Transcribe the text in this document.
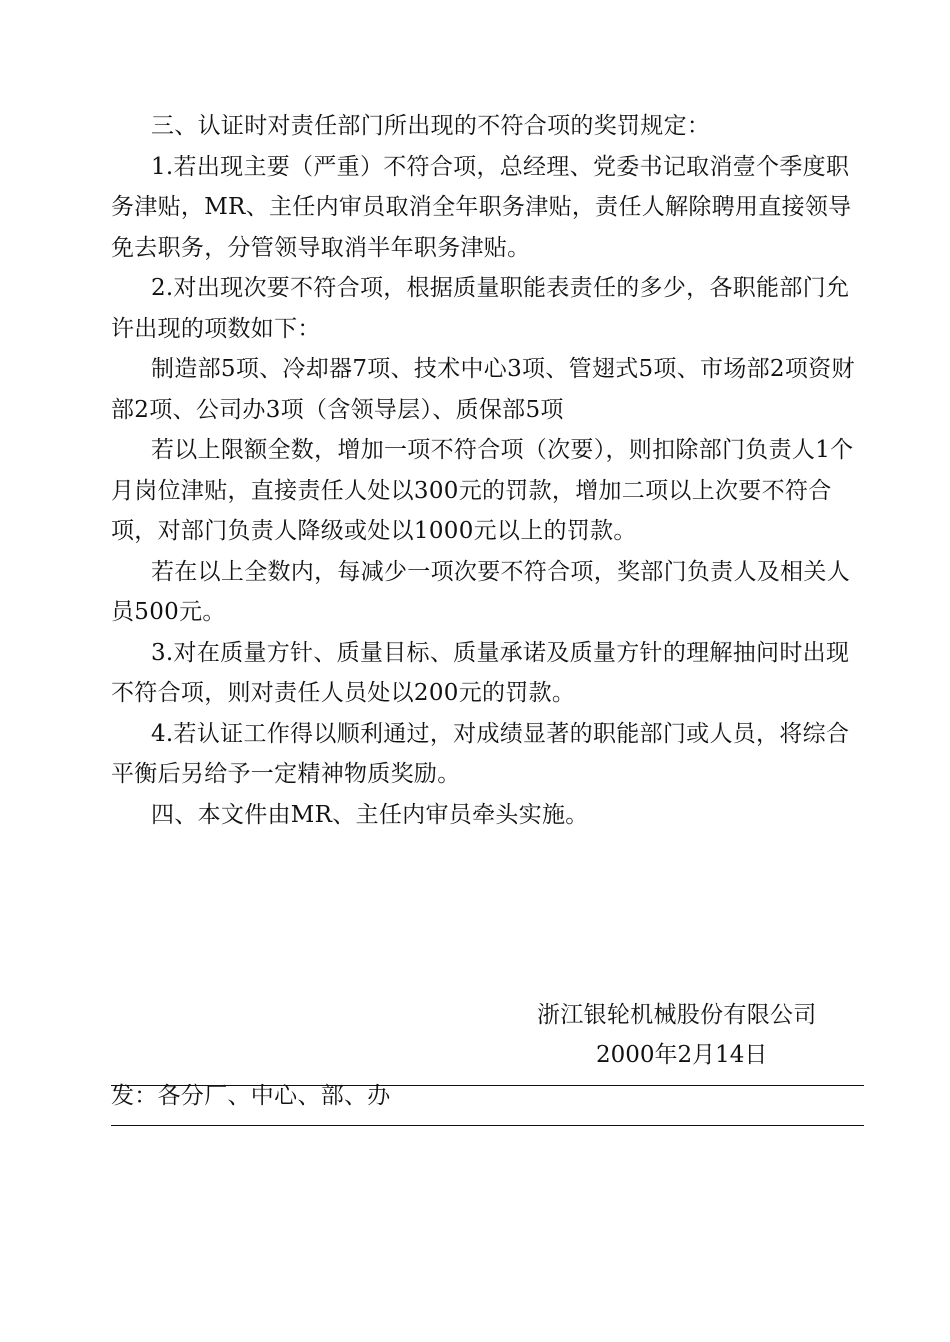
三、认证时对责任部门所出现的不符合项的奖罚规定：

1.若出现主要（严重）不符合项，总经理、党委书记取消壹个季度职务津贴，MR、主任内审员取消全年职务津贴，责任人解除聘用直接领导免去职务，分管领导取消半年职务津贴。

2.对出现次要不符合项，根据质量职能表责任的多少，各职能部门允许出现的项数如下：

制造部5项、冷却器7项、技术中心3项、管翅式5项、市场部2项资财部2项、公司办3项（含领导层）、质保部5项

若以上限额全数，增加一项不符合项（次要），则扣除部门负责人1个月岗位津贴，直接责任人处以300元的罚款，增加二项以上次要不符合项，对部门负责人降级或处以1000元以上的罚款。

若在以上全数内，每减少一项次要不符合项，奖部门负责人及相关人员500元。

3.对在质量方针、质量目标、质量承诺及质量方针的理解抽问时出现不符合项，则对责任人员处以200元的罚款。

4.若认证工作得以顺利通过，对成绩显著的职能部门或人员，将综合平衡后另给予一定精神物质奖励。

四、本文件由MR、主任内审员牵头实施。

浙江银轮机械股份有限公司
2000年2月14日
发：各分厂、中心、部、办
